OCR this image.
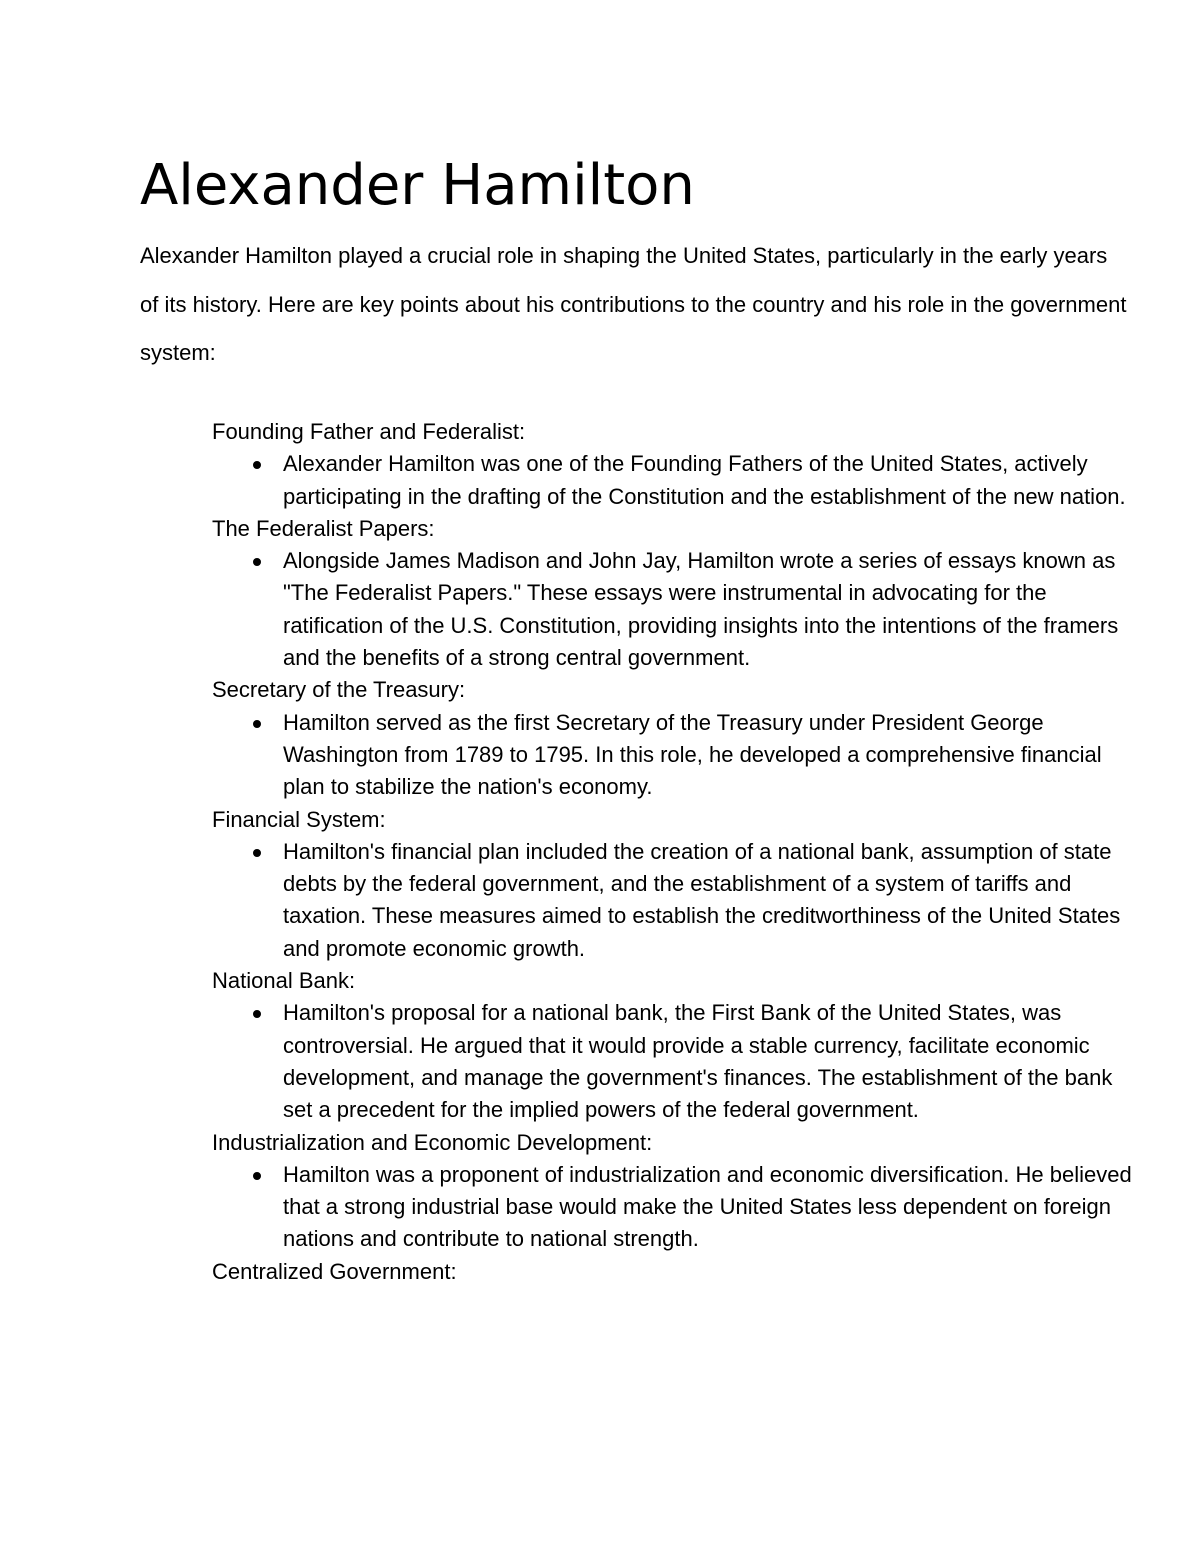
Alexander Hamilton

Alexander Hamilton played a crucial role in shaping the United States, particularly in the early years of its history. Here are key points about his contributions to the country and his role in the government system:

Founding Father and Federalist:

Alexander Hamilton was one of the Founding Fathers of the United States, actively participating in the drafting of the Constitution and the establishment of the new nation.

The Federalist Papers:

Alongside James Madison and John Jay, Hamilton wrote a series of essays known as "The Federalist Papers." These essays were instrumental in advocating for the ratification of the U.S. Constitution, providing insights into the intentions of the framers and the benefits of a strong central government.

Secretary of the Treasury:

Hamilton served as the first Secretary of the Treasury under President George Washington from 1789 to 1795. In this role, he developed a comprehensive financial plan to stabilize the nation's economy.

Financial System:

Hamilton's financial plan included the creation of a national bank, assumption of state debts by the federal government, and the establishment of a system of tariffs and taxation. These measures aimed to establish the creditworthiness of the United States and promote economic growth.

National Bank:

Hamilton's proposal for a national bank, the First Bank of the United States, was controversial. He argued that it would provide a stable currency, facilitate economic development, and manage the government's finances. The establishment of the bank set a precedent for the implied powers of the federal government.

Industrialization and Economic Development:

Hamilton was a proponent of industrialization and economic diversification. He believed that a strong industrial base would make the United States less dependent on foreign nations and contribute to national strength.

Centralized Government:
